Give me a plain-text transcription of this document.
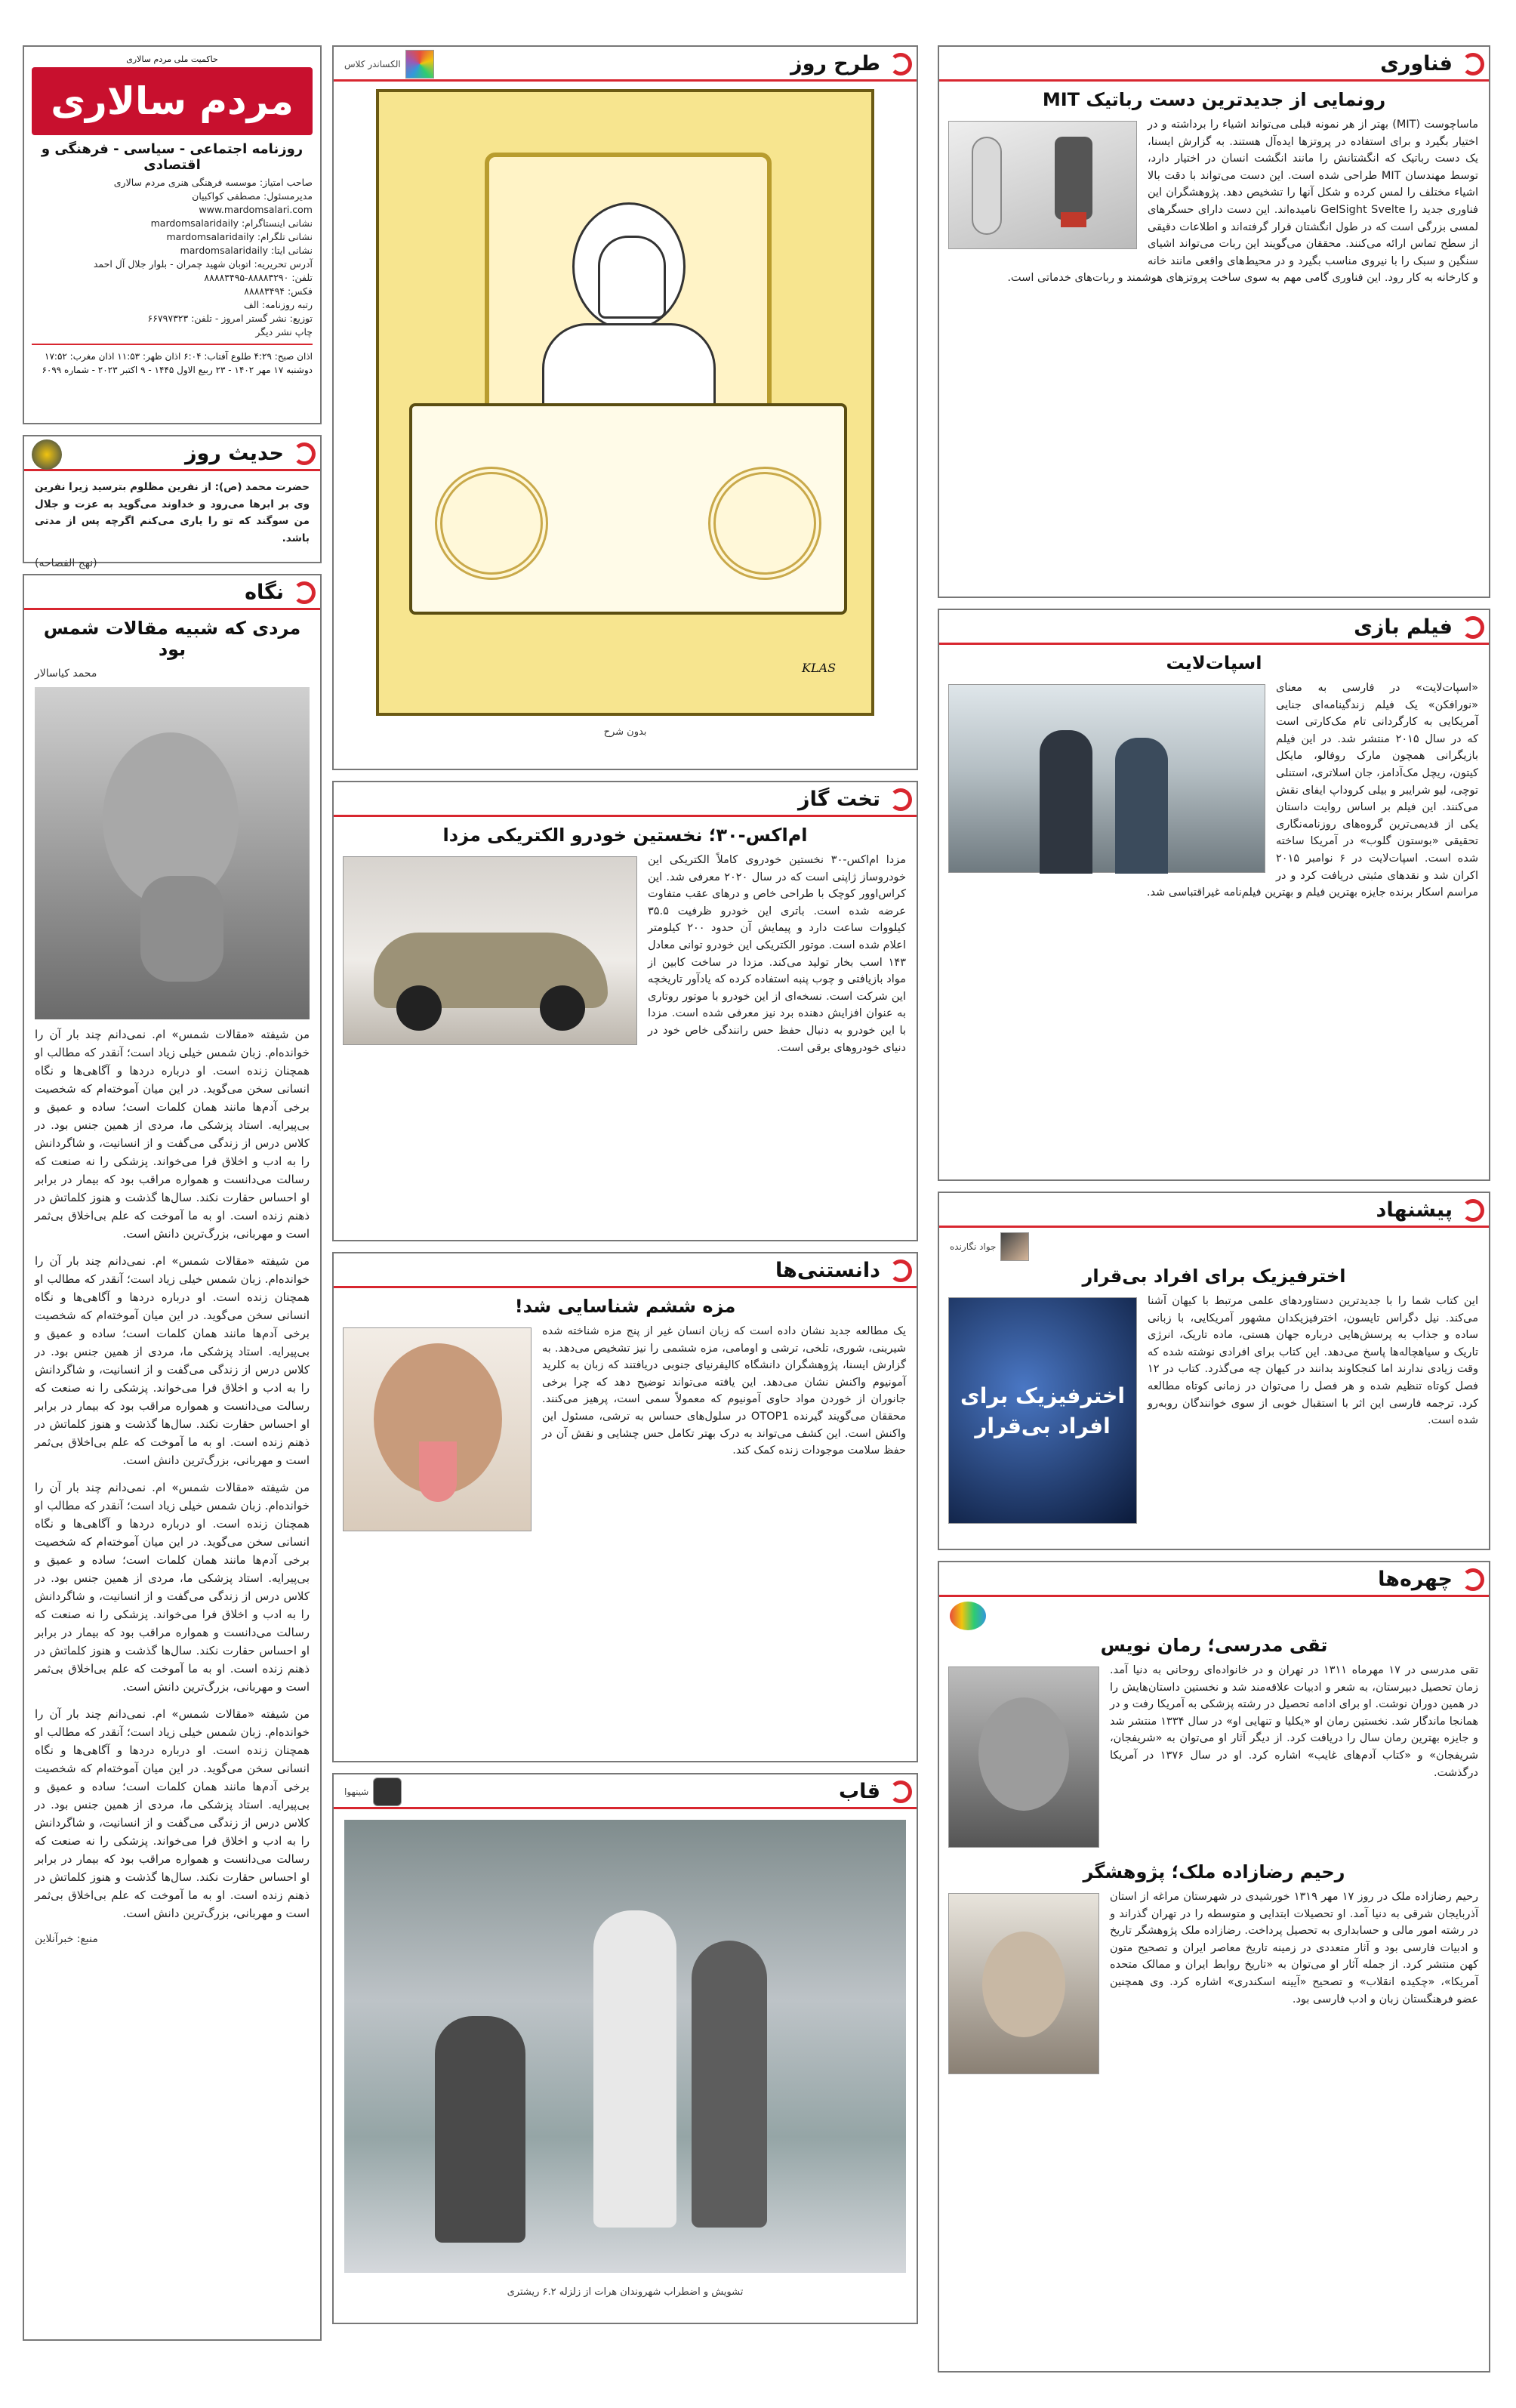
فناوری
رونمایی از جدیدترین دست رباتیک MIT
ماساچوست (MIT) بهتر از هر نمونه قبلی می‌تواند اشیاء را برداشته و در اختیار بگیرد و برای استفاده در پروتزها ایده‌آل هستند. به گزارش ایسنا، یک دست رباتیک که انگشتانش را مانند انگشت انسان در اختیار دارد، توسط مهندسان MIT طراحی شده است. این دست می‌تواند با دقت بالا اشیاء مختلف را لمس کرده و شکل آنها را تشخیص دهد. پژوهشگران این فناوری جدید را GelSight Svelte نامیده‌اند. این دست دارای حسگرهای لمسی بزرگی است که در طول انگشتان قرار گرفته‌اند و اطلاعات دقیقی از سطح تماس ارائه می‌کنند. محققان می‌گویند این ربات می‌تواند اشیای سنگین و سبک را با نیروی مناسب بگیرد و در محیط‌های واقعی مانند خانه و کارخانه به کار رود. این فناوری گامی مهم به سوی ساخت پروتزهای هوشمند و ربات‌های خدماتی است.
فیلم بازی
اسپات‌لایت
«اسپات‌لایت» در فارسی به معنای «نورافکن» یک فیلم زندگینامه‌ای جنایی آمریکایی به کارگردانی تام مک‌کارتی است که در سال ۲۰۱۵ منتشر شد. در این فیلم بازیگرانی همچون مارک روفالو، مایکل کیتون، ریچل مک‌آدامز، جان اسلاتری، استنلی توچی، لیو شرایبر و بیلی کروداپ ایفای نقش می‌کنند. این فیلم بر اساس روایت داستان یکی از قدیمی‌ترین گروه‌های روزنامه‌نگاری تحقیقی «بوستون گلوب» در آمریکا ساخته شده است. اسپات‌لایت در ۶ نوامبر ۲۰۱۵ اکران شد و نقدهای مثبتی دریافت کرد و در مراسم اسکار برنده جایزه بهترین فیلم و بهترین فیلم‌نامه غیراقتباسی شد.
پیشنهاد
جواد نگارنده
اخترفیزیک برای افراد بی‌قرار
اخترفیزیک برای افراد بی‌قرار
این کتاب شما را با جدیدترین دستاوردهای علمی مرتبط با کیهان آشنا می‌کند. نیل دگراس تایسون، اخترفیزیکدان مشهور آمریکایی، با زبانی ساده و جذاب به پرسش‌هایی درباره جهان هستی، ماده تاریک، انرژی تاریک و سیاهچاله‌ها پاسخ می‌دهد. این کتاب برای افرادی نوشته شده که وقت زیادی ندارند اما کنجکاوند بدانند در کیهان چه می‌گذرد. کتاب در ۱۲ فصل کوتاه تنظیم شده و هر فصل را می‌توان در زمانی کوتاه مطالعه کرد. ترجمه فارسی این اثر با استقبال خوبی از سوی خوانندگان روبه‌رو شده است.
چهره‌ها
تقی مدرسی؛ رمان نویس
تقی مدرسی در ۱۷ مهرماه ۱۳۱۱ در تهران و در خانواده‌ای روحانی به دنیا آمد. زمان تحصیل دبیرستان، به شعر و ادبیات علاقه‌مند شد و نخستین داستان‌هایش را در همین دوران نوشت. او برای ادامه تحصیل در رشته پزشکی به آمریکا رفت و در همانجا ماندگار شد. نخستین رمان او «یکلیا و تنهایی او» در سال ۱۳۳۴ منتشر شد و جایزه بهترین رمان سال را دریافت کرد. از دیگر آثار او می‌توان به «شریفجان، شریفجان» و «کتاب آدم‌های غایب» اشاره کرد. او در سال ۱۳۷۶ در آمریکا درگذشت.
رحیم رضازاده ملک؛ پژوهشگر
رحیم رضازاده ملک در روز ۱۷ مهر ۱۳۱۹ خورشیدی در شهرستان مراغه از استان آذربایجان شرقی به دنیا آمد. او تحصیلات ابتدایی و متوسطه را در تهران گذراند و در رشته امور مالی و حسابداری به تحصیل پرداخت. رضازاده ملک پژوهشگر تاریخ و ادبیات فارسی بود و آثار متعددی در زمینه تاریخ معاصر ایران و تصحیح متون کهن منتشر کرد. از جمله آثار او می‌توان به «تاریخ روابط ایران و ممالک متحده آمریکا»، «چکیده انقلاب» و تصحیح «آیینه اسکندری» اشاره کرد. وی همچنین عضو فرهنگستان زبان و ادب فارسی بود.
طرح روز
الکساندر کلاس
KLAS
بدون شرح
تخت گاز
ام‌اکس-۳۰؛ نخستین خودرو الکتریکی مزدا
مزدا ام‌اکس-۳۰ نخستین خودروی کاملاً الکتریکی این خودروساز ژاپنی است که در سال ۲۰۲۰ معرفی شد. این کراس‌اوور کوچک با طراحی خاص و درهای عقب متفاوت عرضه شده است. باتری این خودرو ظرفیت ۳۵.۵ کیلووات ساعت دارد و پیمایش آن حدود ۲۰۰ کیلومتر اعلام شده است. موتور الکتریکی این خودرو توانی معادل ۱۴۳ اسب بخار تولید می‌کند. مزدا در ساخت کابین از مواد بازیافتی و چوب پنبه استفاده کرده که یادآور تاریخچه این شرکت است. نسخه‌ای از این خودرو با موتور روتاری به عنوان افزایش دهنده برد نیز معرفی شده است. مزدا با این خودرو به دنبال حفظ حس رانندگی خاص خود در دنیای خودروهای برقی است.
دانستنی‌ها
مزه ششم شناسایی شد!
یک مطالعه جدید نشان داده است که زبان انسان غیر از پنج مزه شناخته شده شیرینی، شوری، تلخی، ترشی و اومامی، مزه ششمی را نیز تشخیص می‌دهد. به گزارش ایسنا، پژوهشگران دانشگاه کالیفرنیای جنوبی دریافتند که زبان به کلرید آمونیوم واکنش نشان می‌دهد. این یافته می‌تواند توضیح دهد که چرا برخی جانوران از خوردن مواد حاوی آمونیوم که معمولاً سمی است، پرهیز می‌کنند. محققان می‌گویند گیرنده OTOP1 در سلول‌های حساس به ترشی، مسئول این واکنش است. این کشف می‌تواند به درک بهتر تکامل حس چشایی و نقش آن در حفظ سلامت موجودات زنده کمک کند.
قاب
شینهوا
تشویش و اضطراب شهروندان هرات از زلزله ۶.۲ ریشتری
حاکمیت ملی مردم سالاری
مردم سالاری
روزنامه اجتماعی - سیاسی - فرهنگی و اقتصادی
صاحب امتیاز: موسسه فرهنگی هنری مردم سالاری
مدیرمسئول: مصطفی کواکبیان
www.mardomsalari.com
نشانی اینستاگرام: mardomsalaridaily
نشانی تلگرام: mardomsalaridaily
نشانی ایتا: mardomsalaridaily
آدرس تحریریه: اتوبان شهید چمران - بلوار جلال آل احمد
تلفن: ۸۸۸۸۳۲۹۰-۸۸۸۸۳۴۹۵
فکس: ۸۸۸۸۳۴۹۴
رتبه روزنامه: الف
توزیع: نشر گستر امروز - تلفن: ۶۶۷۹۷۳۲۳
چاپ نشر دیگر
اذان صبح: ۴:۲۹ طلوع آفتاب: ۶:۰۴ اذان ظهر: ۱۱:۵۳ اذان مغرب: ۱۷:۵۲ دوشنبه ۱۷ مهر ۱۴۰۲ - ۲۳ ربیع الاول ۱۴۴۵ - ۹ اکتبر ۲۰۲۳ - شماره ۶۰۹۹
حدیث روز
حضرت محمد (ص): از نفرین مظلوم بترسید زیرا نفرین وی بر ابرها می‌رود و خداوند می‌گوید به عزت و جلال من سوگند که تو را یاری می‌کنم اگرچه پس از مدتی باشد.
(نهج الفصاحه)
نگاه
مردی که شبیه مقالات شمس بود
محمد کیاسالار
من شیفته «مقالات شمس» ام. نمی‌دانم چند بار آن را خوانده‌ام. زبان شمس خیلی زیاد است؛ آنقدر که مطالب او همچنان زنده است. او درباره دردها و آگاهی‌ها و نگاه انسانی سخن می‌گوید. در این میان آموخته‌ام که شخصیت برخی آدم‌ها مانند همان کلمات است؛ ساده و عمیق و بی‌پیرایه. استاد پزشکی ما، مردی از همین جنس بود. در کلاس درس از زندگی می‌گفت و از انسانیت، و شاگردانش را به ادب و اخلاق فرا می‌خواند. پزشکی را نه صنعت که رسالت می‌دانست و همواره مراقب بود که بیمار در برابر او احساس حقارت نکند. سال‌ها گذشت و هنوز کلماتش در ذهنم زنده است. او به ما آموخت که علم بی‌اخلاق بی‌ثمر است و مهربانی، بزرگ‌ترین دانش است.
من شیفته «مقالات شمس» ام. نمی‌دانم چند بار آن را خوانده‌ام. زبان شمس خیلی زیاد است؛ آنقدر که مطالب او همچنان زنده است. او درباره دردها و آگاهی‌ها و نگاه انسانی سخن می‌گوید. در این میان آموخته‌ام که شخصیت برخی آدم‌ها مانند همان کلمات است؛ ساده و عمیق و بی‌پیرایه. استاد پزشکی ما، مردی از همین جنس بود. در کلاس درس از زندگی می‌گفت و از انسانیت، و شاگردانش را به ادب و اخلاق فرا می‌خواند. پزشکی را نه صنعت که رسالت می‌دانست و همواره مراقب بود که بیمار در برابر او احساس حقارت نکند. سال‌ها گذشت و هنوز کلماتش در ذهنم زنده است. او به ما آموخت که علم بی‌اخلاق بی‌ثمر است و مهربانی، بزرگ‌ترین دانش است.
من شیفته «مقالات شمس» ام. نمی‌دانم چند بار آن را خوانده‌ام. زبان شمس خیلی زیاد است؛ آنقدر که مطالب او همچنان زنده است. او درباره دردها و آگاهی‌ها و نگاه انسانی سخن می‌گوید. در این میان آموخته‌ام که شخصیت برخی آدم‌ها مانند همان کلمات است؛ ساده و عمیق و بی‌پیرایه. استاد پزشکی ما، مردی از همین جنس بود. در کلاس درس از زندگی می‌گفت و از انسانیت، و شاگردانش را به ادب و اخلاق فرا می‌خواند. پزشکی را نه صنعت که رسالت می‌دانست و همواره مراقب بود که بیمار در برابر او احساس حقارت نکند. سال‌ها گذشت و هنوز کلماتش در ذهنم زنده است. او به ما آموخت که علم بی‌اخلاق بی‌ثمر است و مهربانی، بزرگ‌ترین دانش است.
من شیفته «مقالات شمس» ام. نمی‌دانم چند بار آن را خوانده‌ام. زبان شمس خیلی زیاد است؛ آنقدر که مطالب او همچنان زنده است. او درباره دردها و آگاهی‌ها و نگاه انسانی سخن می‌گوید. در این میان آموخته‌ام که شخصیت برخی آدم‌ها مانند همان کلمات است؛ ساده و عمیق و بی‌پیرایه. استاد پزشکی ما، مردی از همین جنس بود. در کلاس درس از زندگی می‌گفت و از انسانیت، و شاگردانش را به ادب و اخلاق فرا می‌خواند. پزشکی را نه صنعت که رسالت می‌دانست و همواره مراقب بود که بیمار در برابر او احساس حقارت نکند. سال‌ها گذشت و هنوز کلماتش در ذهنم زنده است. او به ما آموخت که علم بی‌اخلاق بی‌ثمر است و مهربانی، بزرگ‌ترین دانش است.
منبع: خبرآنلاین
